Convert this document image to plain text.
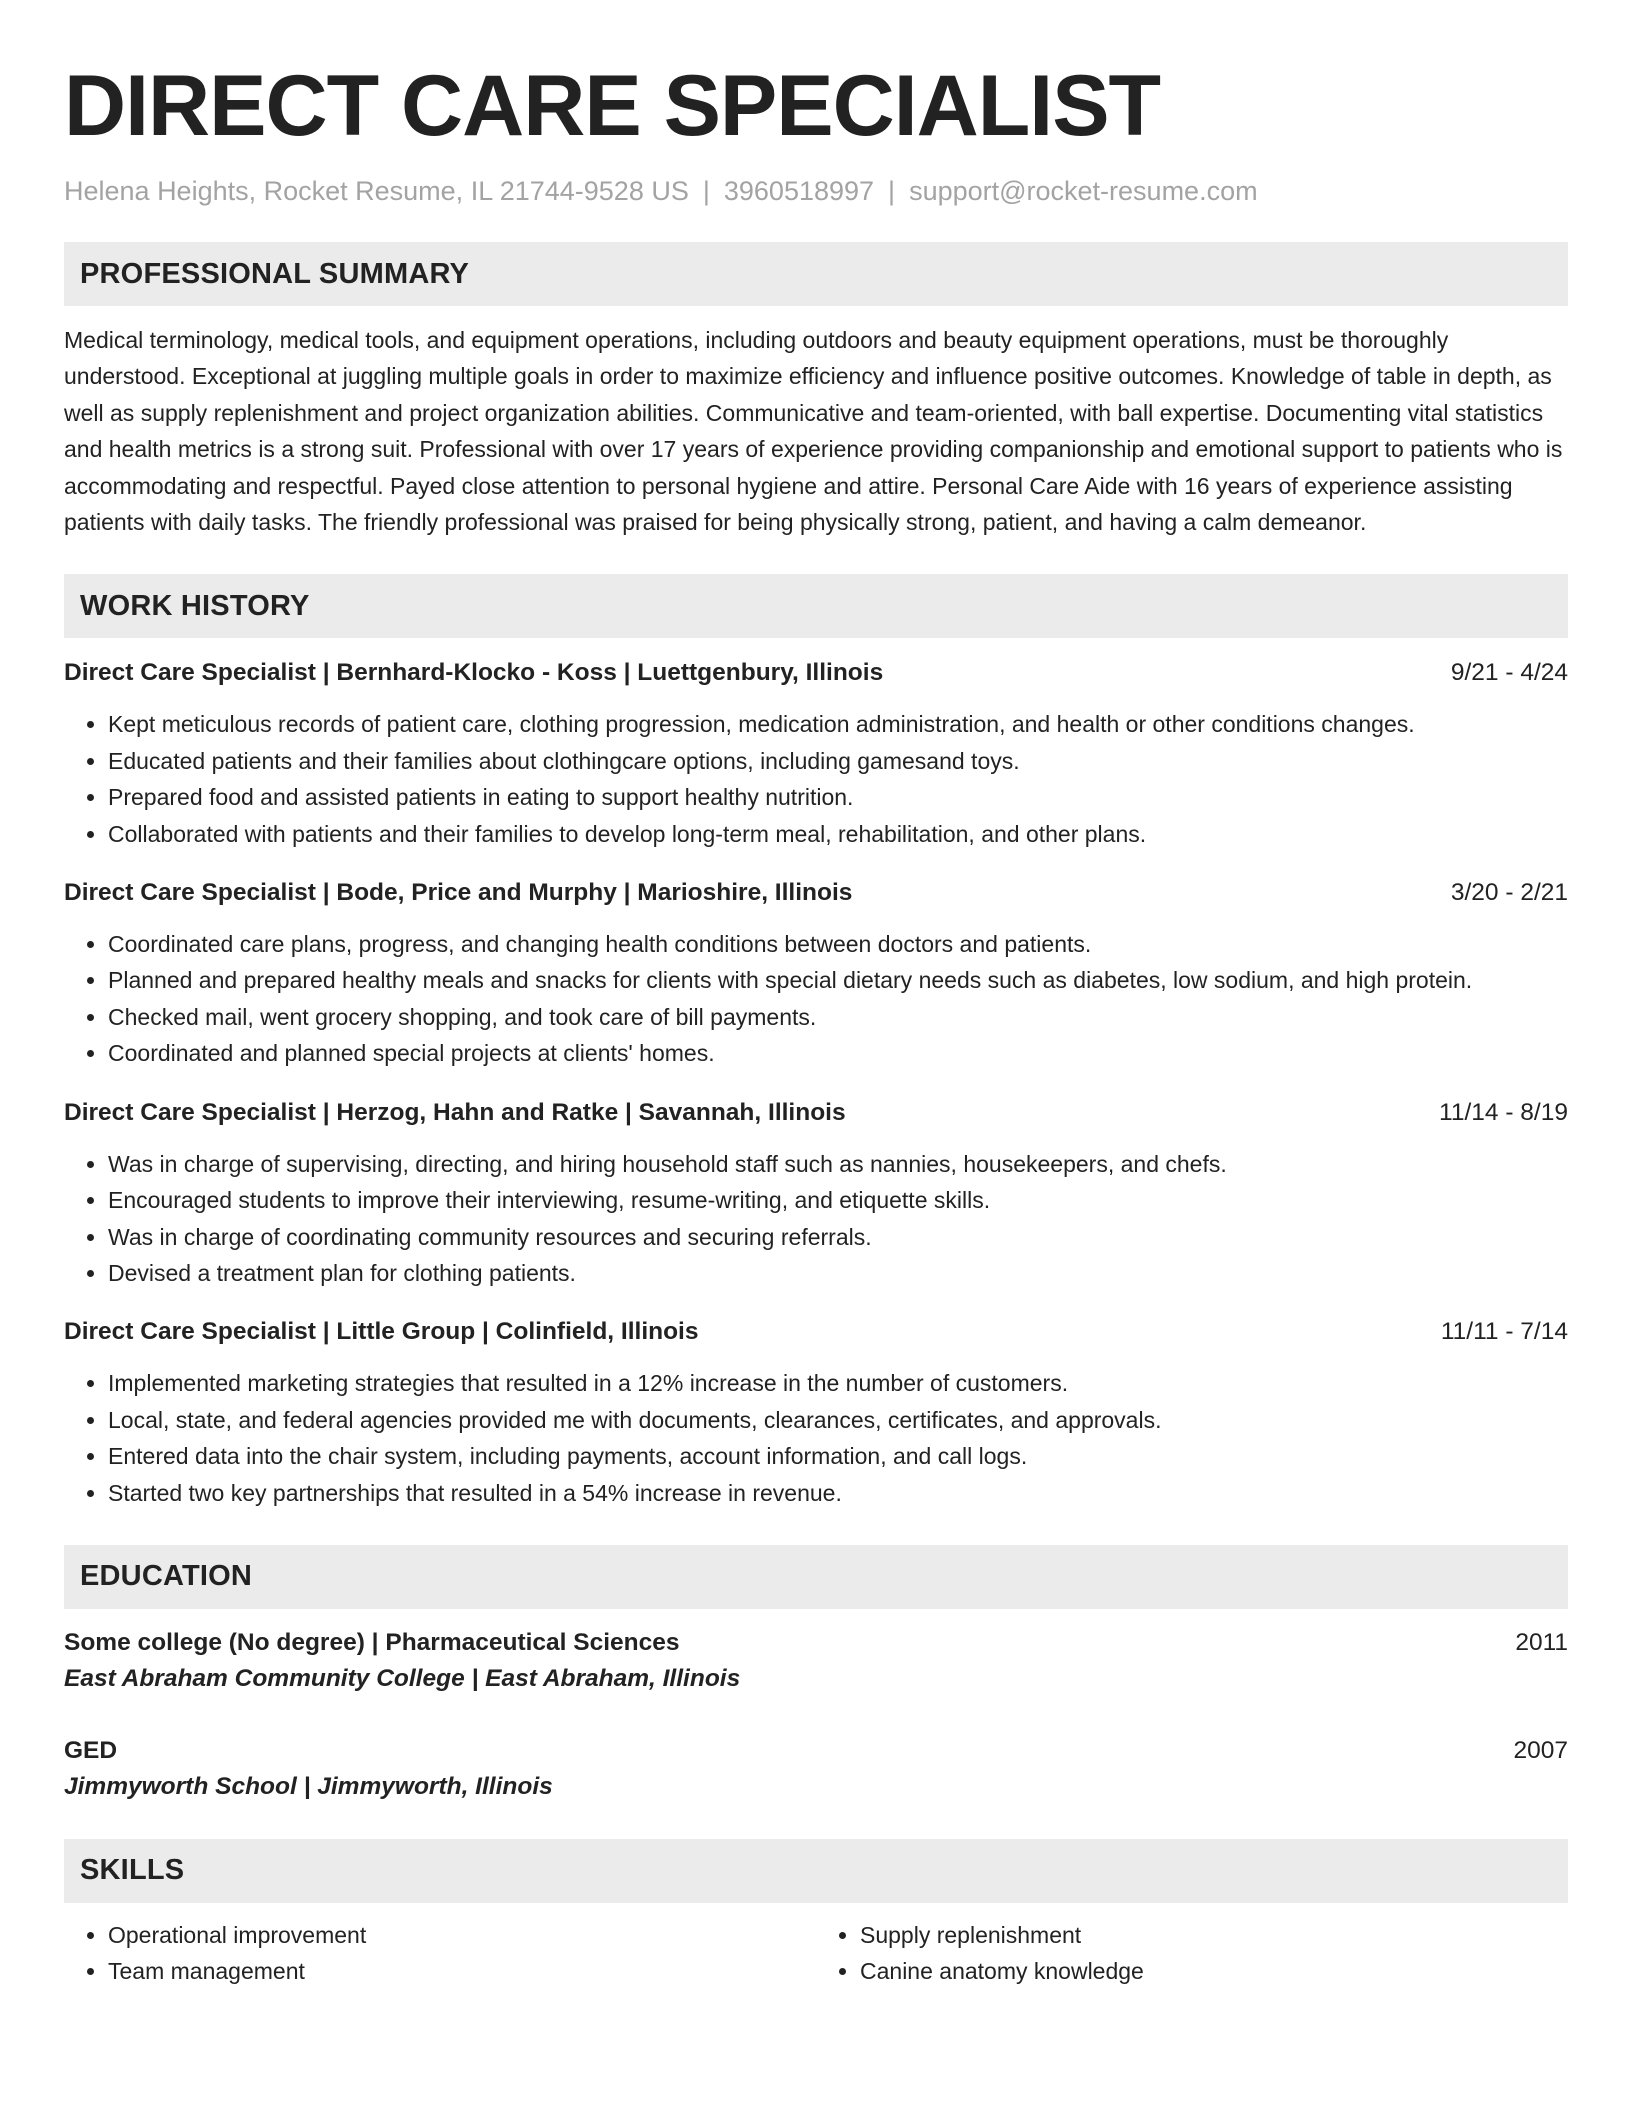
DIRECT CARE SPECIALIST
Helena Heights, Rocket Resume, IL 21744-9528 US | 3960518997 | support@rocket-resume.com
PROFESSIONAL SUMMARY
Medical terminology, medical tools, and equipment operations, including outdoors and beauty equipment operations, must be thoroughly understood. Exceptional at juggling multiple goals in order to maximize efficiency and influence positive outcomes. Knowledge of table in depth, as well as supply replenishment and project organization abilities. Communicative and team-oriented, with ball expertise. Documenting vital statistics and health metrics is a strong suit. Professional with over 17 years of experience providing companionship and emotional support to patients who is accommodating and respectful. Payed close attention to personal hygiene and attire. Personal Care Aide with 16 years of experience assisting patients with daily tasks. The friendly professional was praised for being physically strong, patient, and having a calm demeanor.
WORK HISTORY
Direct Care Specialist | Bernhard-Klocko - Koss | Luettgenbury, Illinois	9/21 - 4/24
• Kept meticulous records of patient care, clothing progression, medication administration, and health or other conditions changes.
• Educated patients and their families about clothingcare options, including gamesand toys.
• Prepared food and assisted patients in eating to support healthy nutrition.
• Collaborated with patients and their families to develop long-term meal, rehabilitation, and other plans.
Direct Care Specialist | Bode, Price and Murphy | Marioshire, Illinois	3/20 - 2/21
• Coordinated care plans, progress, and changing health conditions between doctors and patients.
• Planned and prepared healthy meals and snacks for clients with special dietary needs such as diabetes, low sodium, and high protein.
• Checked mail, went grocery shopping, and took care of bill payments.
• Coordinated and planned special projects at clients' homes.
Direct Care Specialist | Herzog, Hahn and Ratke | Savannah, Illinois	11/14 - 8/19
• Was in charge of supervising, directing, and hiring household staff such as nannies, housekeepers, and chefs.
• Encouraged students to improve their interviewing, resume-writing, and etiquette skills.
• Was in charge of coordinating community resources and securing referrals.
• Devised a treatment plan for clothing patients.
Direct Care Specialist | Little Group | Colinfield, Illinois	11/11 - 7/14
• Implemented marketing strategies that resulted in a 12% increase in the number of customers.
• Local, state, and federal agencies provided me with documents, clearances, certificates, and approvals.
• Entered data into the chair system, including payments, account information, and call logs.
• Started two key partnerships that resulted in a 54% increase in revenue.
EDUCATION
Some college (No degree) | Pharmaceutical Sciences	2011
East Abraham Community College | East Abraham, Illinois
GED	2007
Jimmyworth School | Jimmyworth, Illinois
SKILLS
• Operational improvement
• Team management
• Supply replenishment
• Canine anatomy knowledge
